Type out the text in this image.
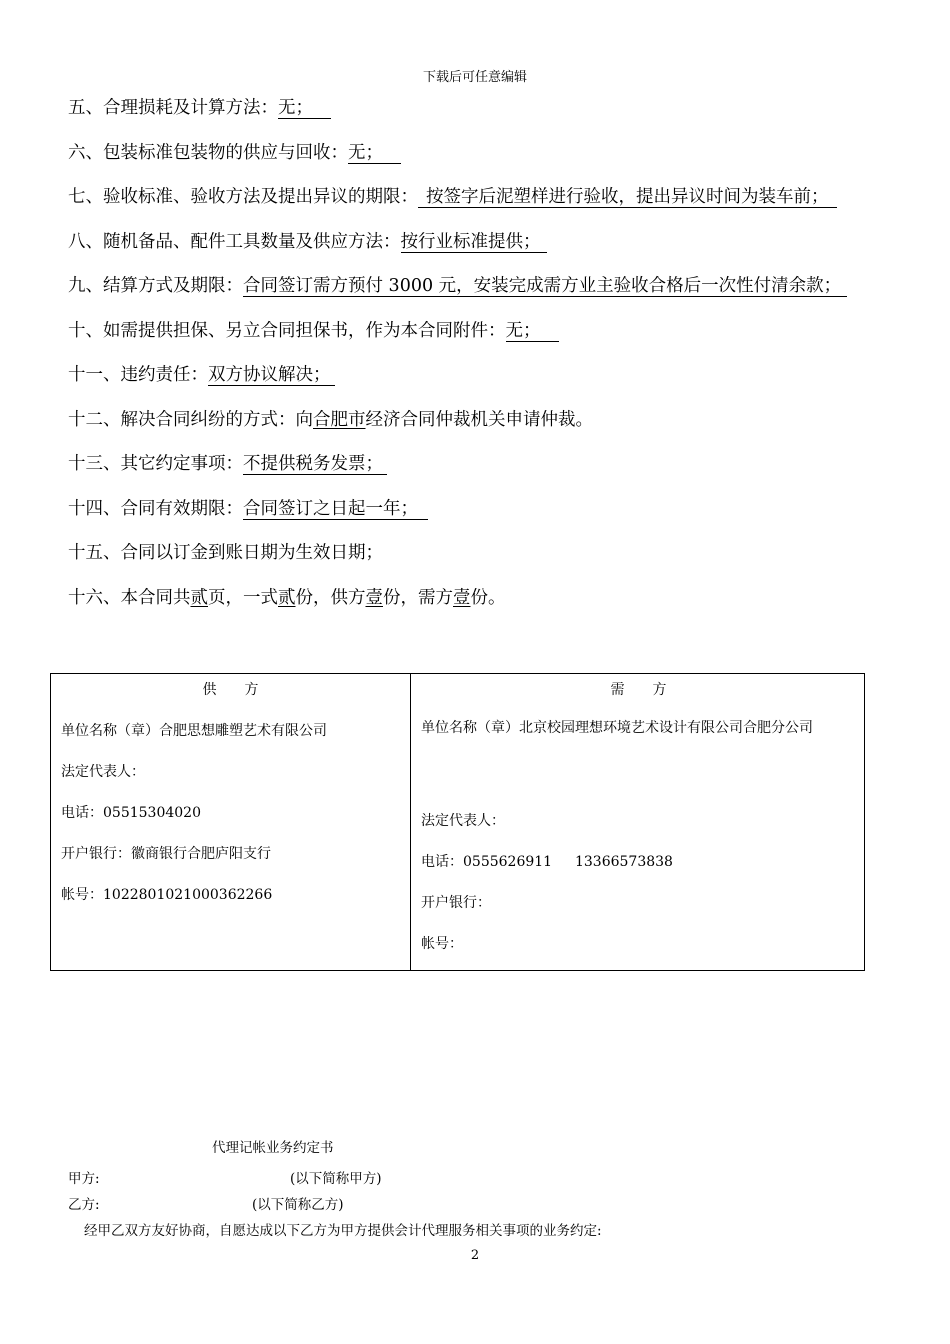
下载后可任意编辑
五、合理损耗及计算方法：无；
六、包装标准包装物的供应与回收：无；
七、验收标准、验收方法及提出异议的期限： 按签字后泥塑样进行验收，提出异议时间为装车前；
八、随机备品、配件工具数量及供应方法：按行业标准提供；
九、结算方式及期限：合同签订需方预付 3000 元，安装完成需方业主验收合格后一次性付清余款；
十、如需提供担保、另立合同担保书，作为本合同附件：无；
十一、违约责任：双方协议解决；
十二、解决合同纠纷的方式：向合肥市经济合同仲裁机关申请仲裁。
十三、其它约定事项：不提供税务发票；
十四、合同有效期限：合同签订之日起一年；
十五、合同以订金到账日期为生效日期；
十六、本合同共贰页，一式贰份，供方壹份，需方壹份。
供　　方
单位名称（章）合肥思想雕塑艺术有限公司
法定代表人：
电话：05515304020
开户银行：徽商银行合肥庐阳支行
帐号：1022801021000362266
需　　方
单位名称（章）北京校园理想环境艺术设计有限公司合肥分公司
法定代表人：
电话：0555626911　  13366573838
开户银行：
帐号：
代理记帐业务约定书
甲方:	(以下简称甲方)
乙方:	(以下简称乙方)
经甲乙双方友好协商，自愿达成以下乙方为甲方提供会计代理服务相关事项的业务约定:
2
